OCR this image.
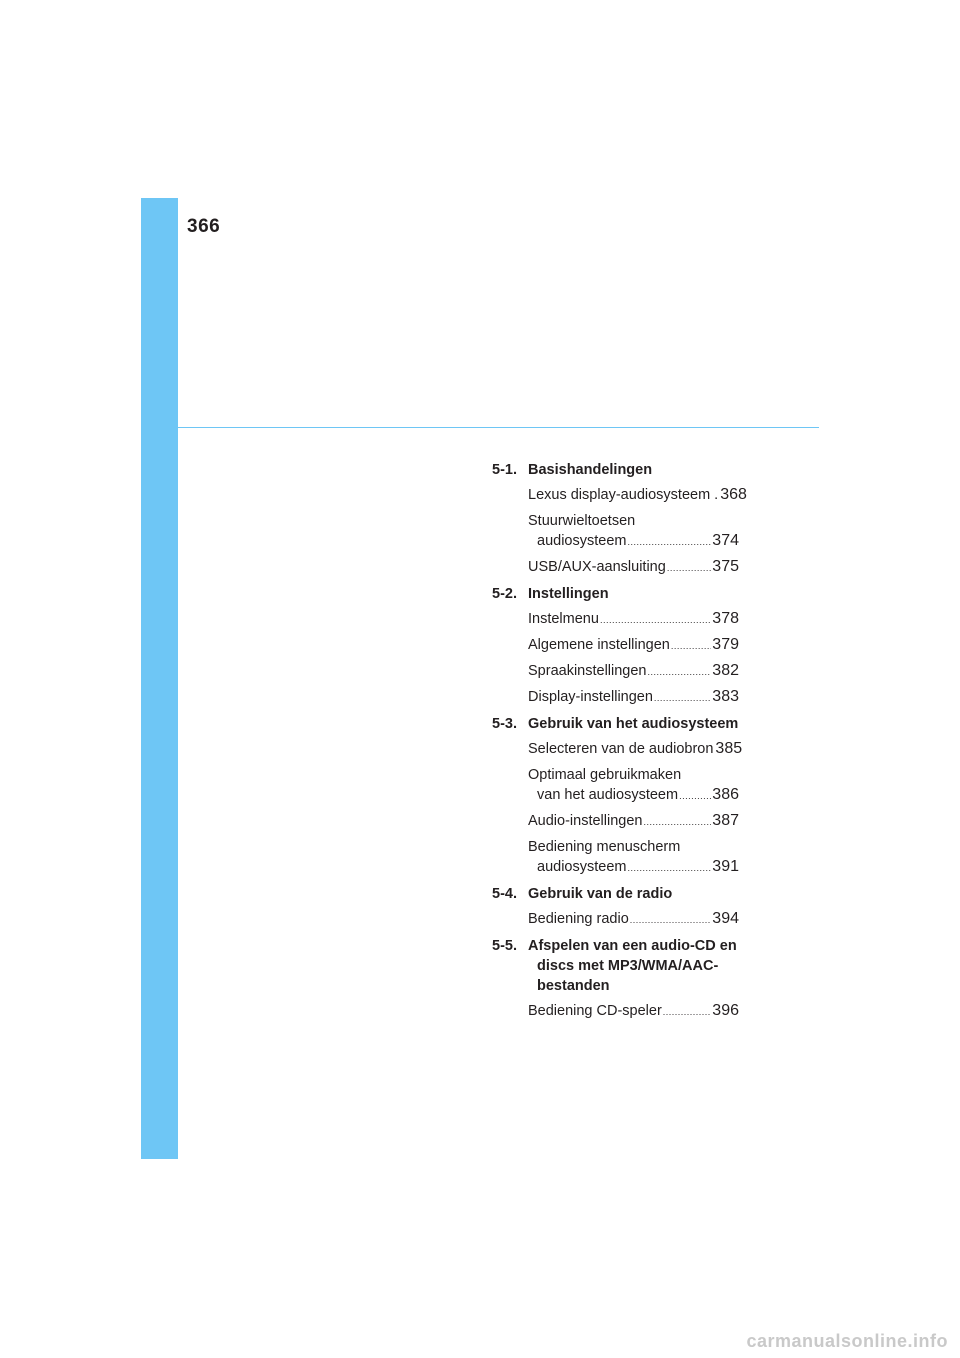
366
5-1. Basishandelingen
Lexus display-audiosysteem . 368
Stuurwieltoetsen
audiosysteem .....	374
USB/AUX-aansluiting .....	375
5-2. Instellingen
Instelmenu .....	378
Algemene instellingen .....	379
Spraakinstellingen .....	382
Display-instellingen .....	383
5-3. Gebruik van het audiosysteem
Selecteren van de audiobron 385
Optimaal gebruikmaken
van het audiosysteem ..... 386
Audio-instellingen .....	387
Bediening menuscherm
audiosysteem .....	391
5-4. Gebruik van de radio
Bediening radio .....	394
5-5. Afspelen van een audio-CD en

discs met MP3/WMA/AAC-
bestanden
Bediening CD-speler .....	396
carmanualsonline.info
